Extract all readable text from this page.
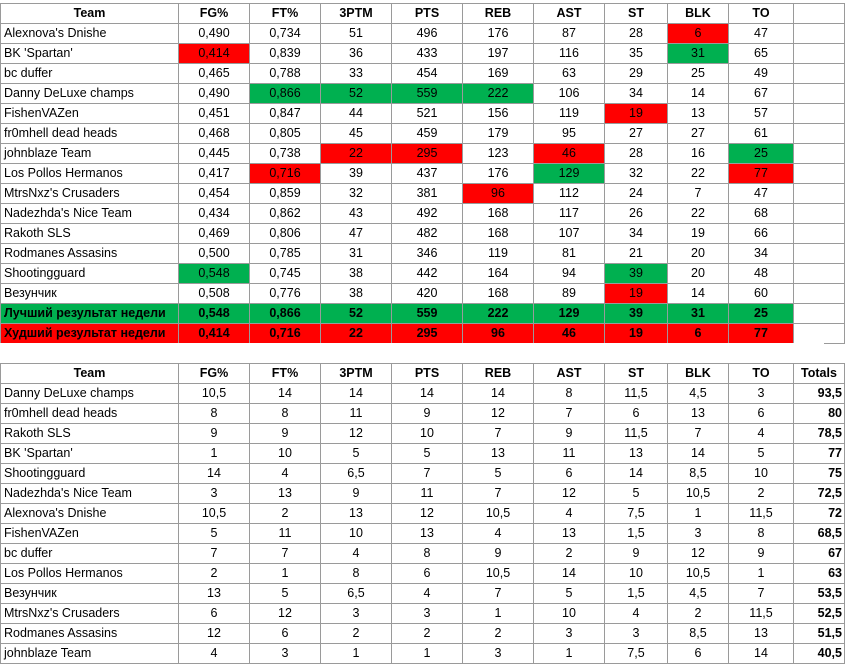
Team	FG%	FT%	3PTM	PTS	REB	AST	ST	BLK	TO	
Alexnova's Dnishe	0,490	0,734	51	496	176	87	28	6	47	
BK 'Spartan'	0,414	0,839	36	433	197	116	35	31	65	
bc duffer	0,465	0,788	33	454	169	63	29	25	49	
Danny DeLuxe champs	0,490	0,866	52	559	222	106	34	14	67	
FishenVAZen	0,451	0,847	44	521	156	119	19	13	57	
fr0mhell dead heads	0,468	0,805	45	459	179	95	27	27	61	
johnblaze Team	0,445	0,738	22	295	123	46	28	16	25	
Los Pollos Hermanos	0,417	0,716	39	437	176	129	32	22	77	
MtrsNxz's Crusaders	0,454	0,859	32	381	96	112	24	7	47	
Nadezhda's Nice Team	0,434	0,862	43	492	168	117	26	22	68	
Rakoth SLS	0,469	0,806	47	482	168	107	34	19	66	
Rodmanes Assasins	0,500	0,785	31	346	119	81	21	20	34	
Shootingguard	0,548	0,745	38	442	164	94	39	20	48	
Везунчик	0,508	0,776	38	420	168	89	19	14	60	
Лучший результат недели	0,548	0,866	52	559	222	129	39	31	25	
Худший результат недели	0,414	0,716	22	295	96	46	19	6	77	
Team	FG%	FT%	3PTM	PTS	REB	AST	ST	BLK	TO	Totals
Danny DeLuxe champs	10,5	14	14	14	14	8	11,5	4,5	3	93,5
fr0mhell dead heads	8	8	11	9	12	7	6	13	6	80
Rakoth SLS	9	9	12	10	7	9	11,5	7	4	78,5
BK 'Spartan'	1	10	5	5	13	11	13	14	5	77
Shootingguard	14	4	6,5	7	5	6	14	8,5	10	75
Nadezhda's Nice Team	3	13	9	11	7	12	5	10,5	2	72,5
Alexnova's Dnishe	10,5	2	13	12	10,5	4	7,5	1	11,5	72
FishenVAZen	5	11	10	13	4	13	1,5	3	8	68,5
bc duffer	7	7	4	8	9	2	9	12	9	67
Los Pollos Hermanos	2	1	8	6	10,5	14	10	10,5	1	63
Везунчик	13	5	6,5	4	7	5	1,5	4,5	7	53,5
MtrsNxz's Crusaders	6	12	3	3	1	10	4	2	11,5	52,5
Rodmanes Assasins	12	6	2	2	2	3	3	8,5	13	51,5
johnblaze Team	4	3	1	1	3	1	7,5	6	14	40,5
